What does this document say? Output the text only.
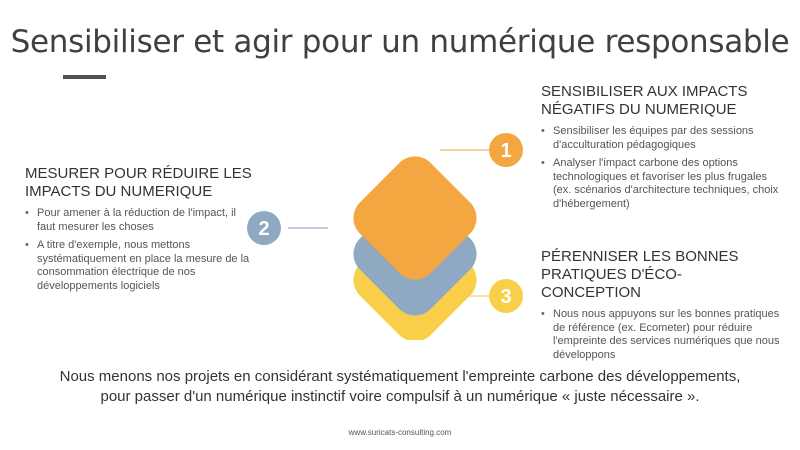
Sensibiliser et agir pour un numérique responsable
SENSIBILISER AUX IMPACTS
NÉGATIFS DU NUMERIQUE
• Sensibiliser les équipes par des sessions d'acculturation pédagogiques
• Analyser l'impact carbone des options technologiques et favoriser les plus frugales (ex. scénarios d'architecture techniques, choix d'hébergement)
MESURER POUR RÉDUIRE LES
IMPACTS DU NUMERIQUE
• Pour amener à la réduction de l'impact, il faut mesurer les choses
• A titre d'exemple, nous mettons systématiquement en place la mesure de la consommation électrique de nos développements logiciels
PÉRENNISER LES BONNES
PRATIQUES D'ÉCO-CONCEPTION
• Nous nous appuyons sur les bonnes pratiques de référence (ex. Ecometer) pour réduire l'empreinte des services numériques que nous développons
1
2
3
Nous menons nos projets en considérant systématiquement l'empreinte carbone des développements,
pour passer d'un numérique instinctif voire compulsif à un numérique « juste nécessaire ».
www.suricats-consulting.com
